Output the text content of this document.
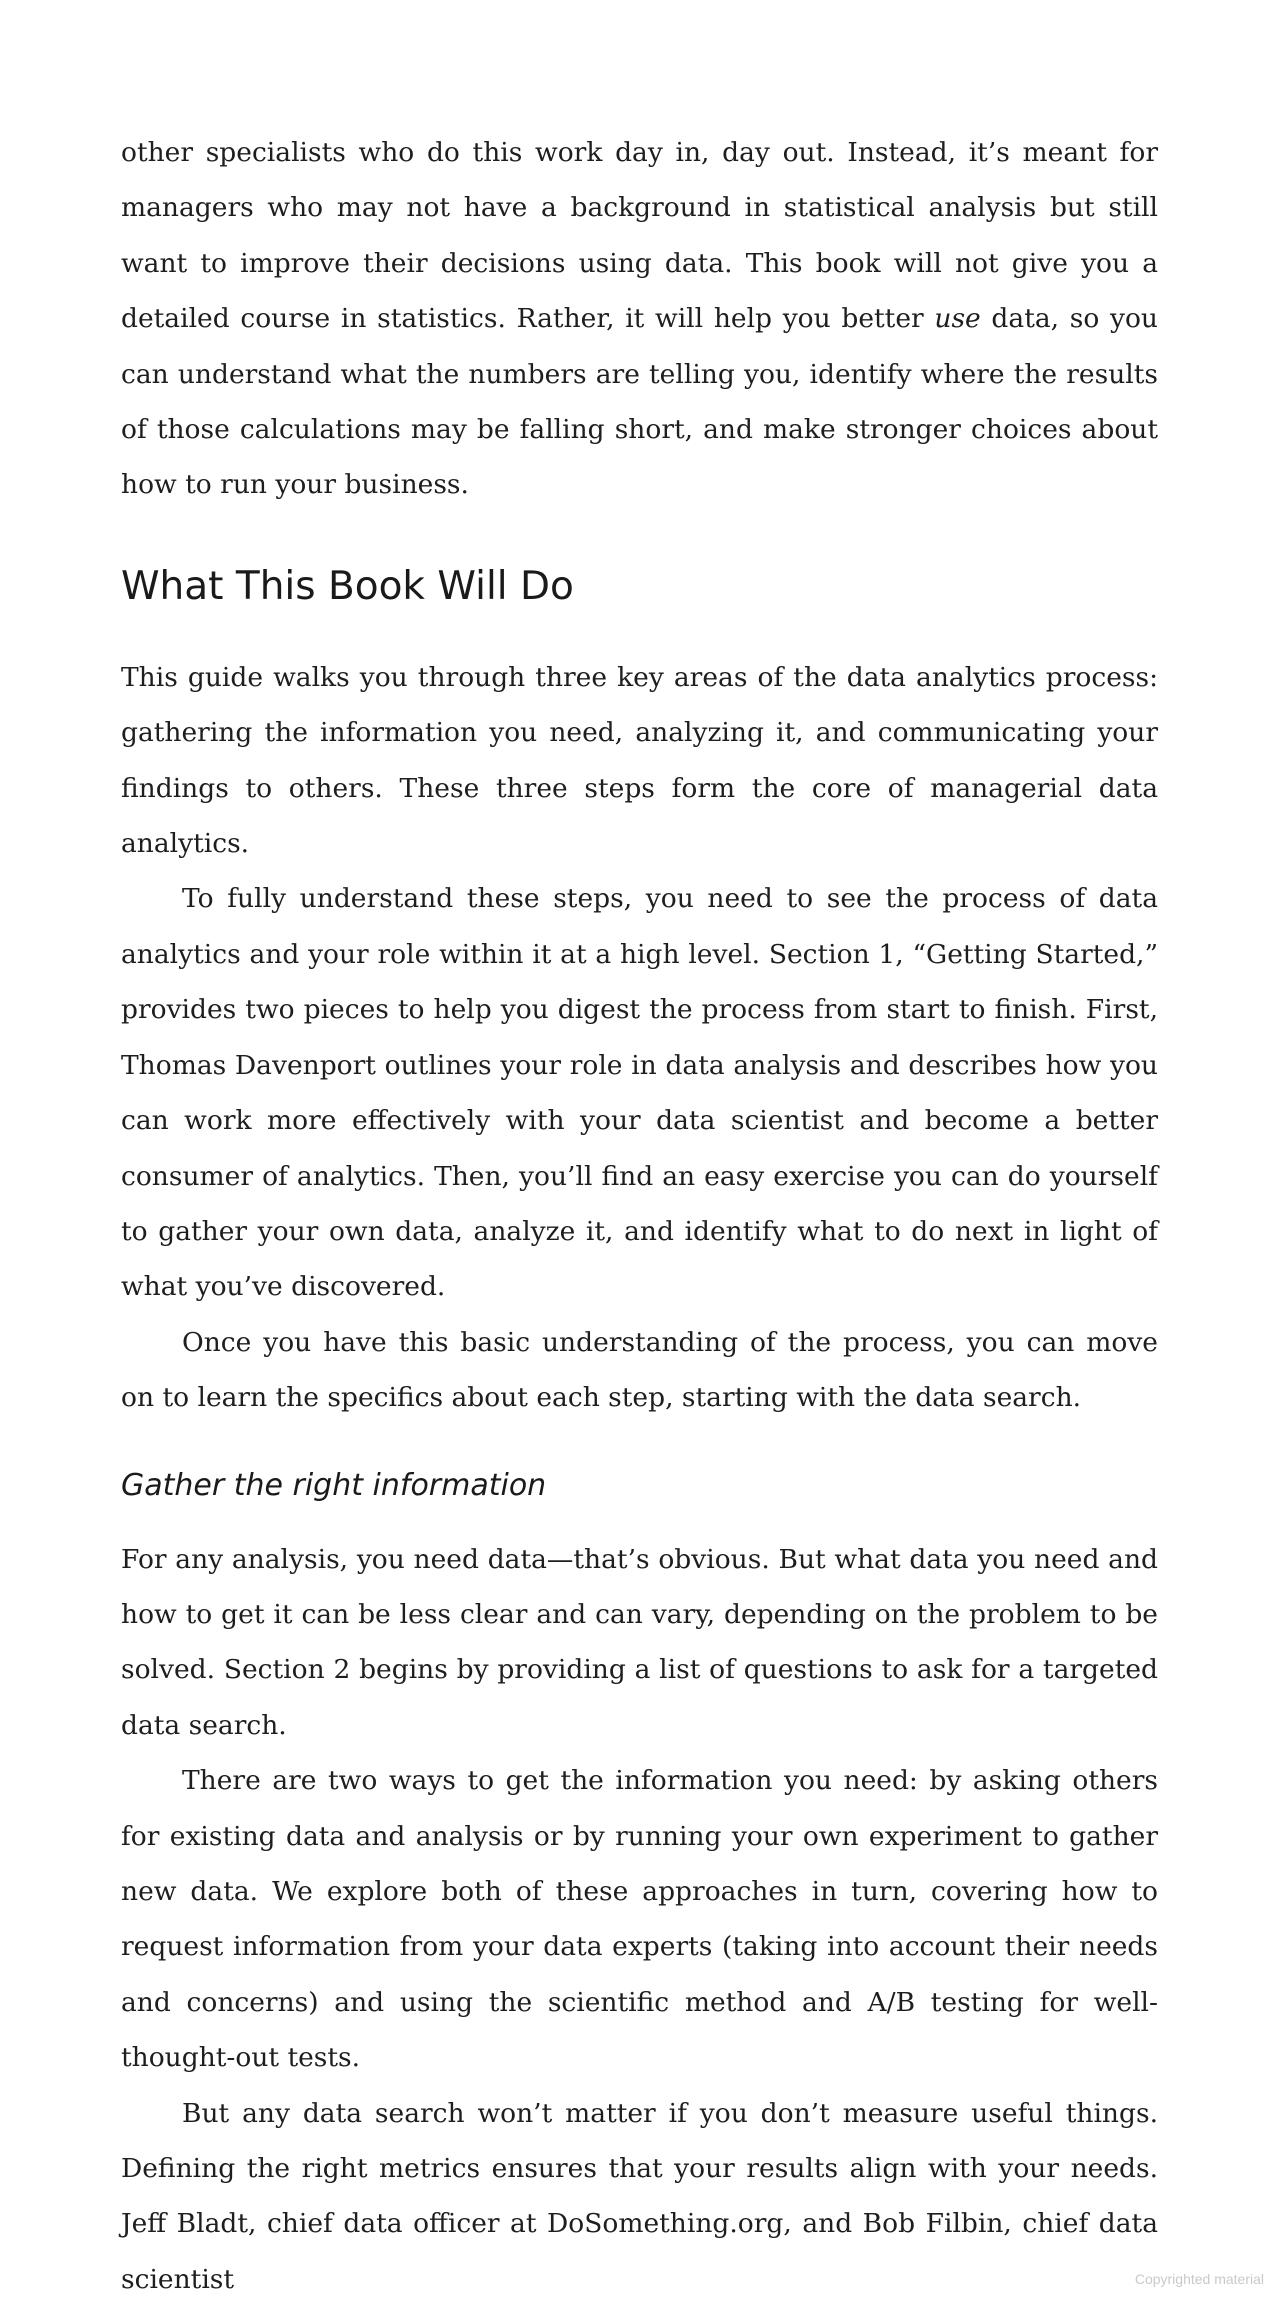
other specialists who do this work day in, day out. Instead, it’s meant for managers who may not have a background in statistical analysis but still want to improve their decisions using data. This book will not give you a detailed course in statistics. Rather, it will help you better use data, so you can understand what the numbers are telling you, identify where the results of those calculations may be falling short, and make stronger choices about how to run your business.

What This Book Will Do

This guide walks you through three key areas of the data analytics process: gathering the information you need, analyzing it, and communicating your findings to others. These three steps form the core of managerial data analytics.

To fully understand these steps, you need to see the process of data analytics and your role within it at a high level. Section 1, “Getting Started,” provides two pieces to help you digest the process from start to finish. First, Thomas Davenport outlines your role in data analysis and describes how you can work more effectively with your data scientist and become a better consumer of analytics. Then, you’ll find an easy exercise you can do yourself to gather your own data, analyze it, and identify what to do next in light of what you’ve discovered.

Once you have this basic understanding of the process, you can move on to learn the specifics about each step, starting with the data search.

Gather the right information

For any analysis, you need data—that’s obvious. But what data you need and how to get it can be less clear and can vary, depending on the problem to be solved. Section 2 begins by providing a list of questions to ask for a targeted data search.

There are two ways to get the information you need: by asking others for existing data and analysis or by running your own experiment to gather new data. We explore both of these approaches in turn, covering how to request information from your data experts (taking into account their needs and concerns) and using the scientific method and A/B testing for well-thought-out tests.

But any data search won’t matter if you don’t measure useful things. Defining the right metrics ensures that your results align with your needs. Jeff Bladt, chief data officer at DoSomething.org, and Bob Filbin, chief data scientist	Copyrighted material
